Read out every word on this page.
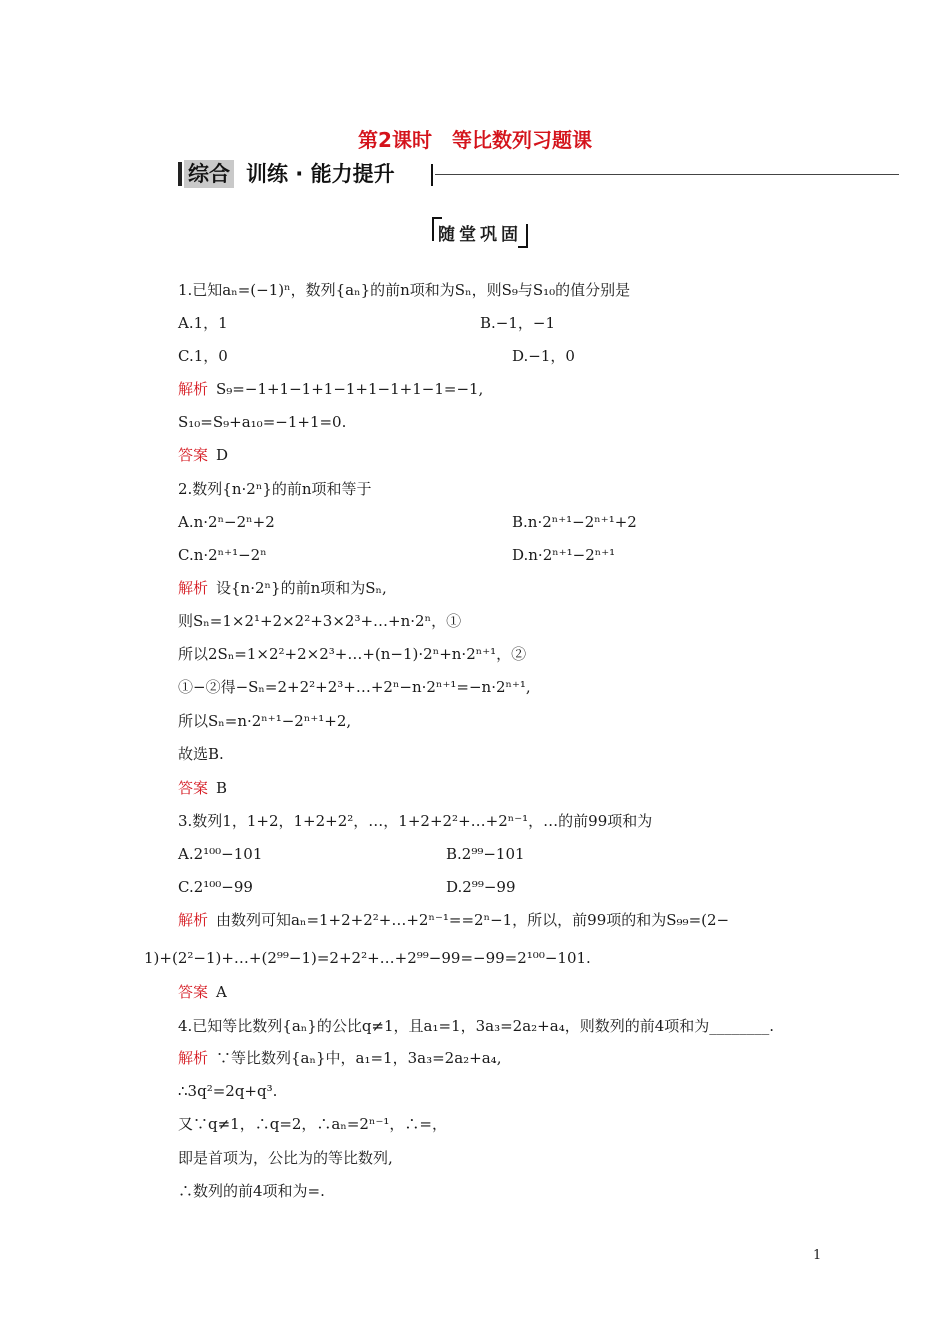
第2课时　等比数列习题课
综合 训练 · 能力提升
随堂巩固
1.已知aₙ=(−1)ⁿ，数列{aₙ}的前n项和为Sₙ，则S₉与S₁₀的值分别是
A.1，1	B.−1，−1
C.1，0	D.−1，0
解析 S₉=−1+1−1+1−1+1−1+1−1=−1,
S₁₀=S₉+a₁₀=−1+1=0.
答案 D
2.数列{n·2ⁿ}的前n项和等于
A.n·2ⁿ−2ⁿ+2	B.n·2ⁿ⁺¹−2ⁿ⁺¹+2
C.n·2ⁿ⁺¹−2ⁿ	D.n·2ⁿ⁺¹−2ⁿ⁺¹
解析 设{n·2ⁿ}的前n项和为Sₙ,
则Sₙ=1×2¹+2×2²+3×2³+…+n·2ⁿ，①
所以2Sₙ=1×2²+2×2³+…+(n−1)·2ⁿ+n·2ⁿ⁺¹，②
①−②得−Sₙ=2+2²+2³+…+2ⁿ−n·2ⁿ⁺¹=−n·2ⁿ⁺¹,
所以Sₙ=n·2ⁿ⁺¹−2ⁿ⁺¹+2,
故选B.
答案 B
3.数列1，1+2，1+2+2²，…，1+2+2²+…+2ⁿ⁻¹，…的前99项和为
A.2¹⁰⁰−101	B.2⁹⁹−101
C.2¹⁰⁰−99	D.2⁹⁹−99
解析 由数列可知aₙ=1+2+2²+…+2ⁿ⁻¹==2ⁿ−1，所以，前99项的和为S₉₉=(2−
1)+(2²−1)+…+(2⁹⁹−1)=2+2²+…+2⁹⁹−99=−99=2¹⁰⁰−101.
答案 A
4.已知等比数列{aₙ}的公比q≠1，且a₁=1，3a₃=2a₂+a₄，则数列的前4项和为________.
解析 ∵等比数列{aₙ}中，a₁=1，3a₃=2a₂+a₄,
∴3q²=2q+q³.
又∵q≠1，∴q=2，∴aₙ=2ⁿ⁻¹，∴=，
即是首项为，公比为的等比数列,
∴数列的前4项和为=.
1
